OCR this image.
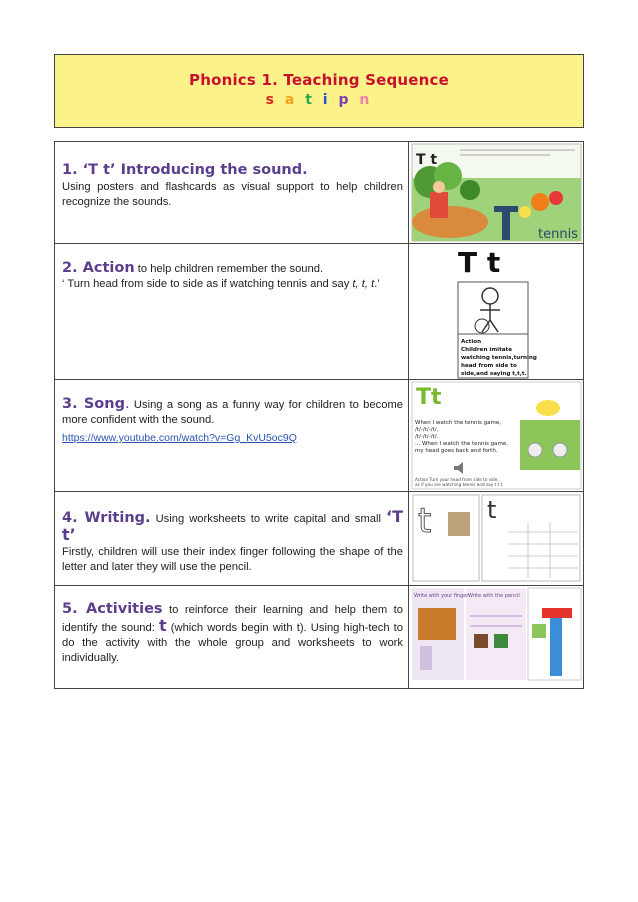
Phonics 1. Teaching Sequence
s a t i p n
1. ‘T t’ Introducing the sound.
Using posters and flashcards as visual support to help children recognize the sounds.
T t
tennis
2. Action to help children remember the sound.
‘ Turn head from side to side as if watching tennis and say t, t, t.’
T t
Action
Children imitate
watching tennis,turning
head from side to
side,and saying t,t,t.
3. Song. Using a song as a funny way for children to become more confident with the sound.
https://www.youtube.com/watch?v=Gg_KvU5oc9Q
Tt
When I watch the tennis game,
/t/-/t/-/t/,
/t/-/t/-/t/.
... When I watch the tennis game,
my head goes back and forth.
Action Turn your head from side to side,
as if you are watching tennis and say t t t.
4. Writing. Using worksheets to write capital and small ‘T t’
Firstly, children will use their index finger following the shape of the letter and later they will use the pencil.
t t
5. Activities to reinforce their learning and help them to identify the sound: t (which words begin with t). Using high-tech to do the activity with the whole group and worksheets to work individually.
Write with your finger Write with the pencil
